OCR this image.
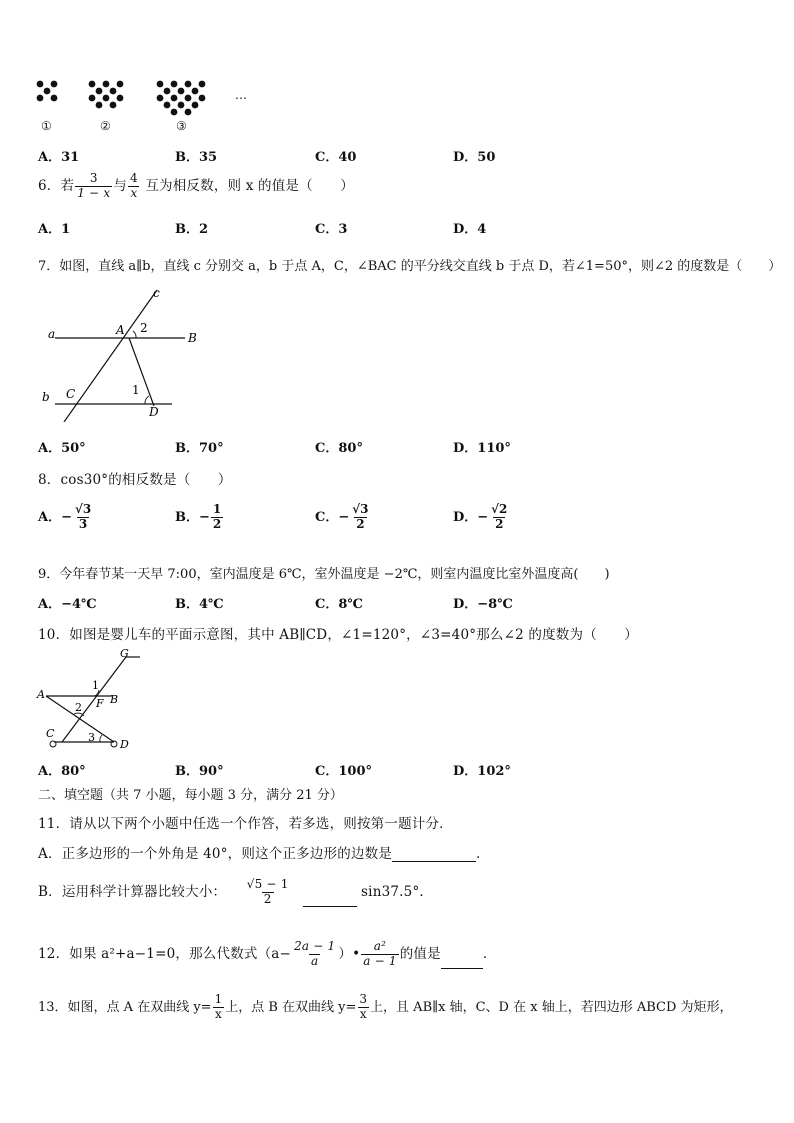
…
①	②	③
A．31	B．35	C．40	D．50
6．若 $\frac{3}{1 - x}$ 与 $\frac{4}{x}$ 互为相反数，则 x 的值是（　　）
A．1	B．2	C．3	D．4
7．如图，直线 a∥b，直线 c 分别交 a，b 于点 A，C，∠BAC 的平分线交直线 b 于点 D，若∠1=50°，则∠2 的度数是（　　）
c
a	A 2
B
1
b C
D
A．50°	B．70°	C．80°	D．110°
8．cos30°的相反数是（　　）
A．− $\frac{√3}{3}$	B．− $\frac{1}{2}$	C．− $\frac{√3}{2}$	D．− $\frac{√2}{2}$
9．今年春节某一天早 7:00，室内温度是 6℃，室外温度是 −2℃，则室内温度比室外温度高(　　)
A．−4℃	B．4℃	C．8℃	D．−8℃
10．如图是婴儿车的平面示意图，其中 AB∥CD，∠1=120°，∠3=40°那么∠2 的度数为（　　）
G
1
A
F B
2
C	3
D
A．80°	B．90°	C．100°	D．102°
二、填空题（共 7 小题，每小题 3 分，满分 21 分）
11．请从以下两个小题中任选一个作答，若多选，则按第一题计分．
A．正多边形的一个外角是 40°，则这个正多边形的边数是	．
B．运用科学计算器比较大小： $\frac{√5 - 1}{2}$	sin37.5°．
12．如果 a²+a−1=0，那么代数式（$a- \frac{2a - 1}{a}$ ）• $\frac{\text{a²}}{a - 1}$ 的值是	．
13．如图，点 A 在双曲线 $y= \frac{1}{x}$ 上，点 B 在双曲线 $y= \frac{3}{x}$ 上，且 AB∥x 轴，C、D 在 x 轴上，若四边形 ABCD 为矩形，
